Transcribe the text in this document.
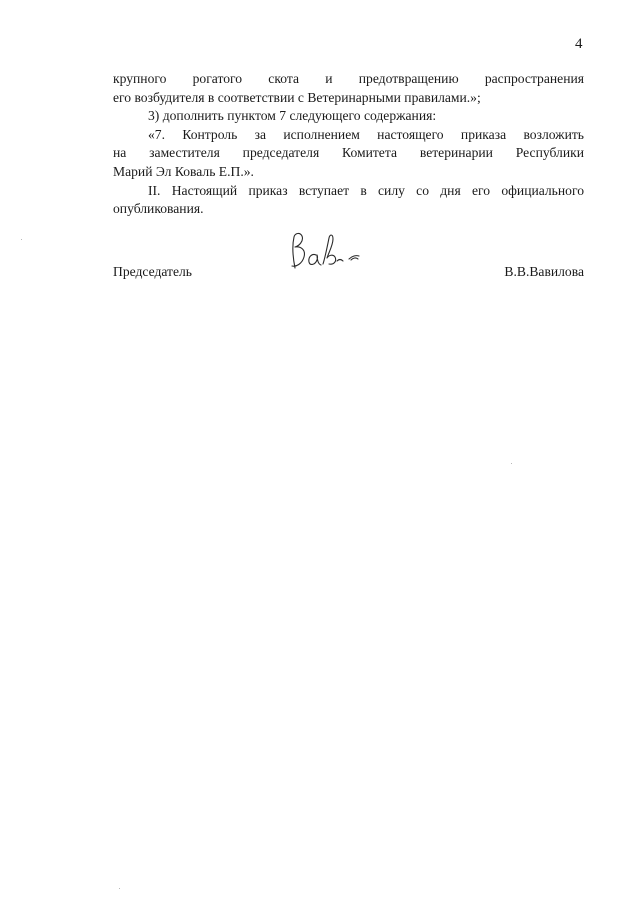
4

крупного рогатого скота и предотвращению распространения
его возбудителя в соответствии с Ветеринарными правилами.»;

3) дополнить пунктом 7 следующего содержания:

«7. Контроль за исполнением настоящего приказа возложить
на заместителя председателя Комитета ветеринарии Республики
Марий Эл Коваль Е.П.».

II. Настоящий приказ вступает в силу со дня его официального
опубликования.

Председатель	В.В.Вавилова
